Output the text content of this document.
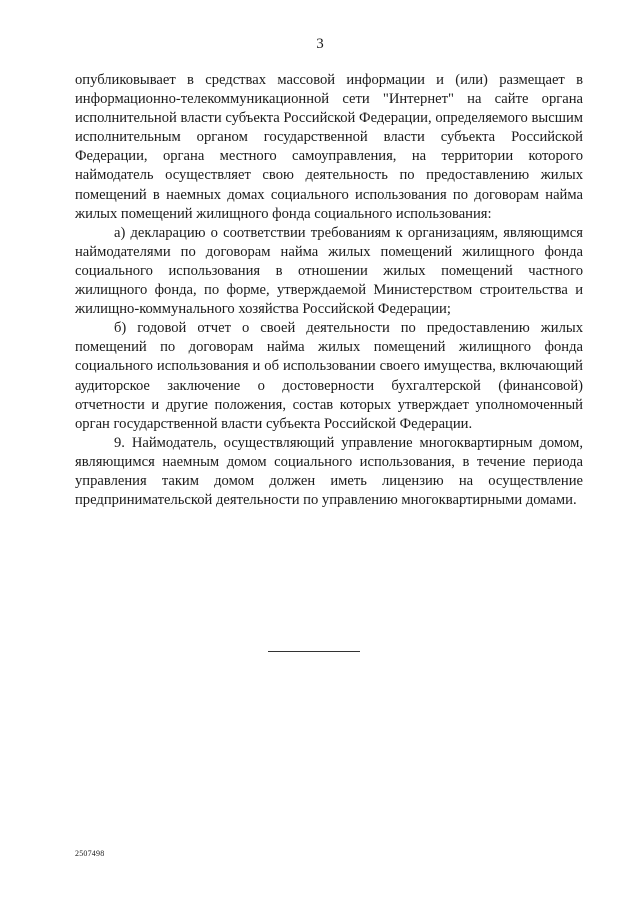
3

опубликовывает в средствах массовой информации и (или) размещает в информационно-телекоммуникационной сети "Интернет" на сайте органа исполнительной власти субъекта Российской Федерации, определяемого высшим исполнительным органом государственной власти субъекта Российской Федерации, органа местного самоуправления, на территории которого наймодатель осуществляет свою деятельность по предоставлению жилых помещений в наемных домах социального использования по договорам найма жилых помещений жилищного фонда социального использования:

а) декларацию о соответствии требованиям к организациям, являющимся наймодателями по договорам найма жилых помещений жилищного фонда социального использования в отношении жилых помещений частного жилищного фонда, по форме, утверждаемой Министерством строительства и жилищно-коммунального хозяйства Российской Федерации;

б) годовой отчет о своей деятельности по предоставлению жилых помещений по договорам найма жилых помещений жилищного фонда социального использования и об использовании своего имущества, включающий аудиторское заключение о достоверности бухгалтерской (финансовой) отчетности и другие положения, состав которых утверждает уполномоченный орган государственной власти субъекта Российской Федерации.

9. Наймодатель, осуществляющий управление многоквартирным домом, являющимся наемным домом социального использования, в течение периода управления таким домом должен иметь лицензию на осуществление предпринимательской деятельности по управлению многоквартирными домами.

2507498
